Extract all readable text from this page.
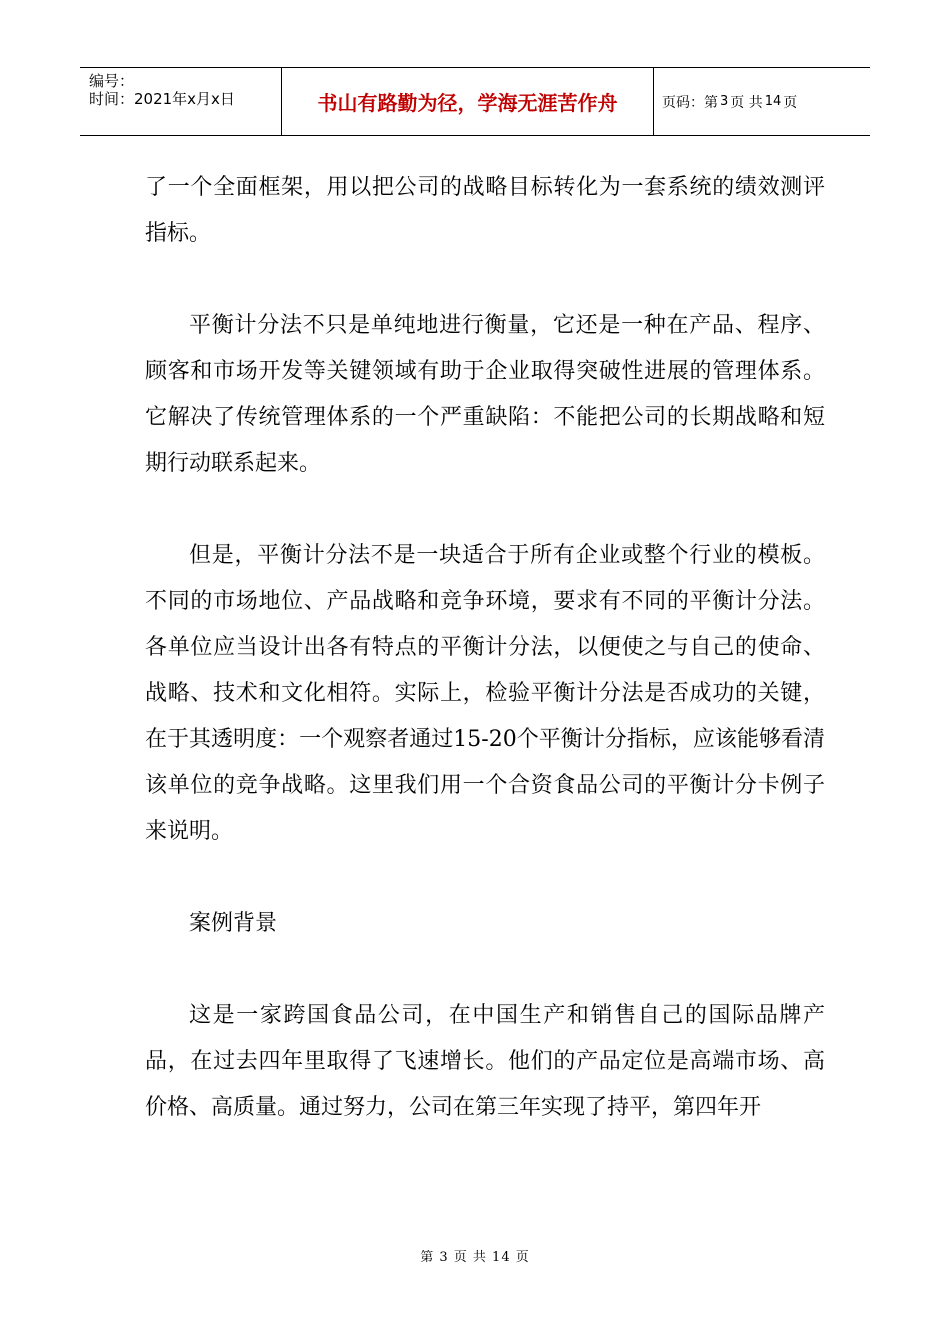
编号：
时间：2021年x月x日	书山有路勤为径，学海无涯苦作舟	页码：第 3 页 共 14 页

了一个全面框架，用以把公司的战略目标转化为一套系统的绩效测评指标。

平衡计分法不只是单纯地进行衡量，它还是一种在产品、程序、顾客和市场开发等关键领域有助于企业取得突破性进展的管理体系。它解决了传统管理体系的一个严重缺陷：不能把公司的长期战略和短期行动联系起来。

但是，平衡计分法不是一块适合于所有企业或整个行业的模板。不同的市场地位、产品战略和竞争环境，要求有不同的平衡计分法。各单位应当设计出各有特点的平衡计分法，以便使之与自己的使命、战略、技术和文化相符。实际上，检验平衡计分法是否成功的关键，在于其透明度：一个观察者通过15-20个平衡计分指标，应该能够看清该单位的竞争战略。这里我们用一个合资食品公司的平衡计分卡例子来说明。

案例背景

这是一家跨国食品公司，在中国生产和销售自己的国际品牌产品，在过去四年里取得了飞速增长。他们的产品定位是高端市场、高价格、高质量。通过努力，公司在第三年实现了持平，第四年开

第 3 页 共 14 页
